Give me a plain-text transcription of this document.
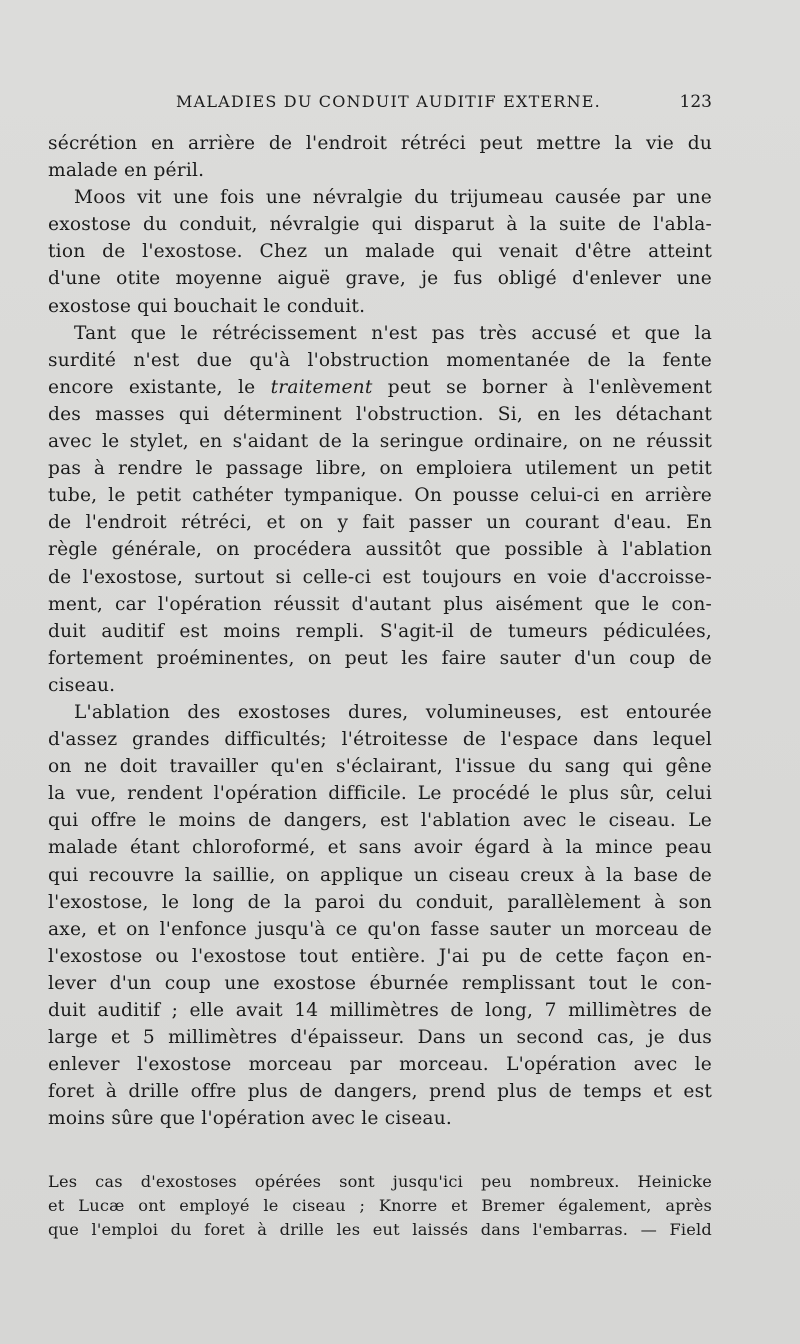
MALADIES DU CONDUIT AUDITIF EXTERNE.	123
sécrétion en arrière de l'endroit rétréci peut mettre la vie du
malade en péril.
Moos vit une fois une névralgie du trijumeau causée par une
exostose du conduit, névralgie qui disparut à la suite de l'abla-
tion de l'exostose. Chez un malade qui venait d'être atteint
d'une otite moyenne aiguë grave, je fus obligé d'enlever une
exostose qui bouchait le conduit.
Tant que le rétrécissement n'est pas très accusé et que la
surdité n'est due qu'à l'obstruction momentanée de la fente
encore existante, le traitement peut se borner à l'enlèvement
des masses qui déterminent l'obstruction. Si, en les détachant
avec le stylet, en s'aidant de la seringue ordinaire, on ne réussit
pas à rendre le passage libre, on emploiera utilement un petit
tube, le petit cathéter tympanique. On pousse celui-ci en arrière
de l'endroit rétréci, et on y fait passer un courant d'eau. En
règle générale, on procédera aussitôt que possible à l'ablation
de l'exostose, surtout si celle-ci est toujours en voie d'accroisse-
ment, car l'opération réussit d'autant plus aisément que le con-
duit auditif est moins rempli. S'agit-il de tumeurs pédiculées,
fortement proéminentes, on peut les faire sauter d'un coup de
ciseau.
L'ablation des exostoses dures, volumineuses, est entourée
d'assez grandes difficultés; l'étroitesse de l'espace dans lequel
on ne doit travailler qu'en s'éclairant, l'issue du sang qui gêne
la vue, rendent l'opération difficile. Le procédé le plus sûr, celui
qui offre le moins de dangers, est l'ablation avec le ciseau. Le
malade étant chloroformé, et sans avoir égard à la mince peau
qui recouvre la saillie, on applique un ciseau creux à la base de
l'exostose, le long de la paroi du conduit, parallèlement à son
axe, et on l'enfonce jusqu'à ce qu'on fasse sauter un morceau de
l'exostose ou l'exostose tout entière. J'ai pu de cette façon en-
lever d'un coup une exostose éburnée remplissant tout le con-
duit auditif ; elle avait 14 millimètres de long, 7 millimètres de
large et 5 millimètres d'épaisseur. Dans un second cas, je dus
enlever l'exostose morceau par morceau. L'opération avec le
foret à drille offre plus de dangers, prend plus de temps et est
moins sûre que l'opération avec le ciseau.
Les cas d'exostoses opérées sont jusqu'ici peu nombreux. Heinicke
et Lucæ ont employé le ciseau ; Knorre et Bremer également, après
que l'emploi du foret à drille les eut laissés dans l'embarras. — Field
